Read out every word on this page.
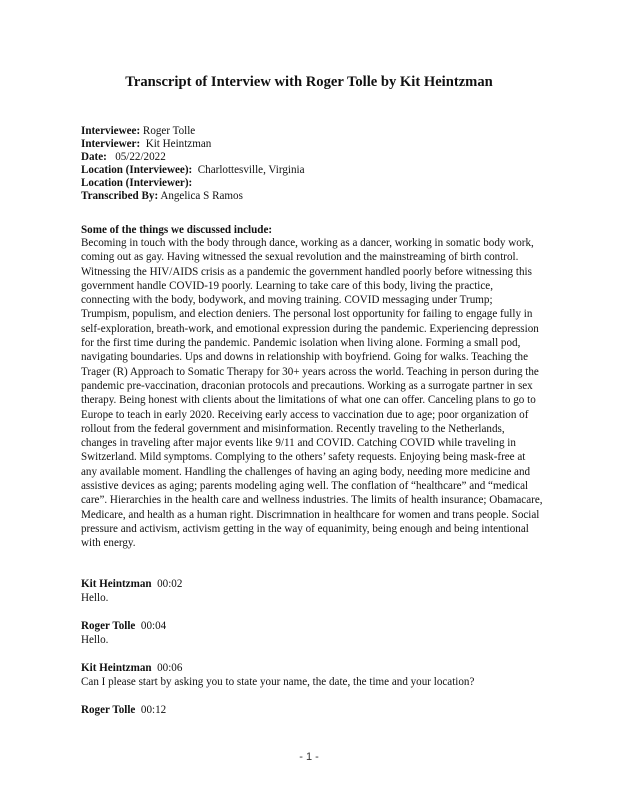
Transcript of Interview with Roger Tolle by Kit Heintzman
Interviewee: Roger Tolle
Interviewer:  Kit Heintzman
Date:   05/22/2022
Location (Interviewee):  Charlottesville, Virginia
Location (Interviewer):
Transcribed By: Angelica S Ramos
Some of the things we discussed include:
Becoming in touch with the body through dance, working as a dancer, working in somatic body work, coming out as gay. Having witnessed the sexual revolution and the mainstreaming of birth control. Witnessing the HIV/AIDS crisis as a pandemic the government handled poorly before witnessing this government handle COVID-19 poorly. Learning to take care of this body, living the practice, connecting with the body, bodywork, and moving training. COVID messaging under Trump; Trumpism, populism, and election deniers. The personal lost opportunity for failing to engage fully in self-exploration, breath-work, and emotional expression during the pandemic. Experiencing depression for the first time during the pandemic. Pandemic isolation when living alone. Forming a small pod, navigating boundaries. Ups and downs in relationship with boyfriend. Going for walks. Teaching the Trager (R) Approach to Somatic Therapy for 30+ years across the world. Teaching in person during the pandemic pre-vaccination, draconian protocols and precautions. Working as a surrogate partner in sex therapy. Being honest with clients about the limitations of what one can offer. Canceling plans to go to Europe to teach in early 2020. Receiving early access to vaccination due to age; poor organization of rollout from the federal government and misinformation. Recently traveling to the Netherlands, changes in traveling after major events like 9/11 and COVID. Catching COVID while traveling in Switzerland. Mild symptoms. Complying to the others’ safety requests. Enjoying being mask-free at any available moment. Handling the challenges of having an aging body, needing more medicine and assistive devices as aging; parents modeling aging well. The conflation of “healthcare” and “medical care”. Hierarchies in the health care and wellness industries. The limits of health insurance; Obamacare, Medicare, and health as a human right. Discrimnation in healthcare for women and trans people. Social pressure and activism, activism getting in the way of equanimity, being enough and being intentional with energy.
Kit Heintzman 00:02
Hello.
Roger Tolle 00:04
Hello.
Kit Heintzman 00:06
Can I please start by asking you to state your name, the date, the time and your location?
Roger Tolle 00:12
- 1 -
